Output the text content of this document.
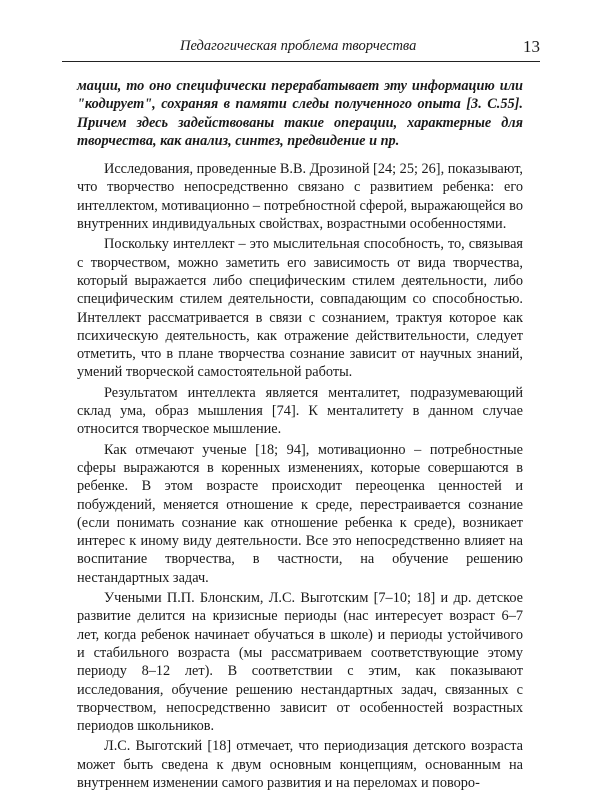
Педагогическая проблема творчества	13

мации, то оно специфически перерабатывает эту информацию или "кодирует", сохраняя в памяти следы полученного опыта [3. С.55]. Причем здесь задействованы такие операции, характерные для творчества, как анализ, синтез, предвидение и пр.

Исследования, проведенные В.В. Дрозиной [24; 25; 26], показывают, что творчество непосредственно связано с развитием ребенка: его интеллектом, мотивационно – потребностной сферой, выражающейся во внутренних индивидуальных свойствах, возрастными особенностями.

Поскольку интеллект – это мыслительная способность, то, связывая с творчеством, можно заметить его зависимость от вида творчества, который выражается либо специфическим стилем деятельности, либо специфическим стилем деятельности, совпадающим со способностью. Интеллект рассматривается в связи с сознанием, трактуя которое как психическую деятельность, как отражение действительности, следует отметить, что в плане творчества сознание зависит от научных знаний, умений творческой самостоятельной работы.

Результатом интеллекта является менталитет, подразумевающий склад ума, образ мышления [74]. К менталитету в данном случае относится творческое мышление.

Как отмечают ученые [18; 94], мотивационно – потребностные сферы выражаются в коренных изменениях, которые совершаются в ребенке. В этом возрасте происходит переоценка ценностей и побуждений, меняется отношение к среде, перестраивается сознание (если понимать сознание как отношение ребенка к среде), возникает интерес к иному виду деятельности. Все это непосредственно влияет на воспитание творчества, в частности, на обучение решению нестандартных задач.

Учеными П.П. Блонским, Л.С. Выготским [7–10; 18] и др. детское развитие делится на кризисные периоды (нас интересует возраст 6–7 лет, когда ребенок начинает обучаться в школе) и периоды устойчивого и стабильного возраста (мы рассматриваем соответствующие этому периоду 8–12 лет). В соответствии с этим, как показывают исследования, обучение решению нестандартных задач, связанных с творчеством, непосредственно зависит от особенностей возрастных периодов школьников.

Л.С. Выготский [18] отмечает, что периодизация детского возраста может быть сведена к двум основным концепциям, основанным на внутреннем изменении самого развития и на переломах и поворо-
